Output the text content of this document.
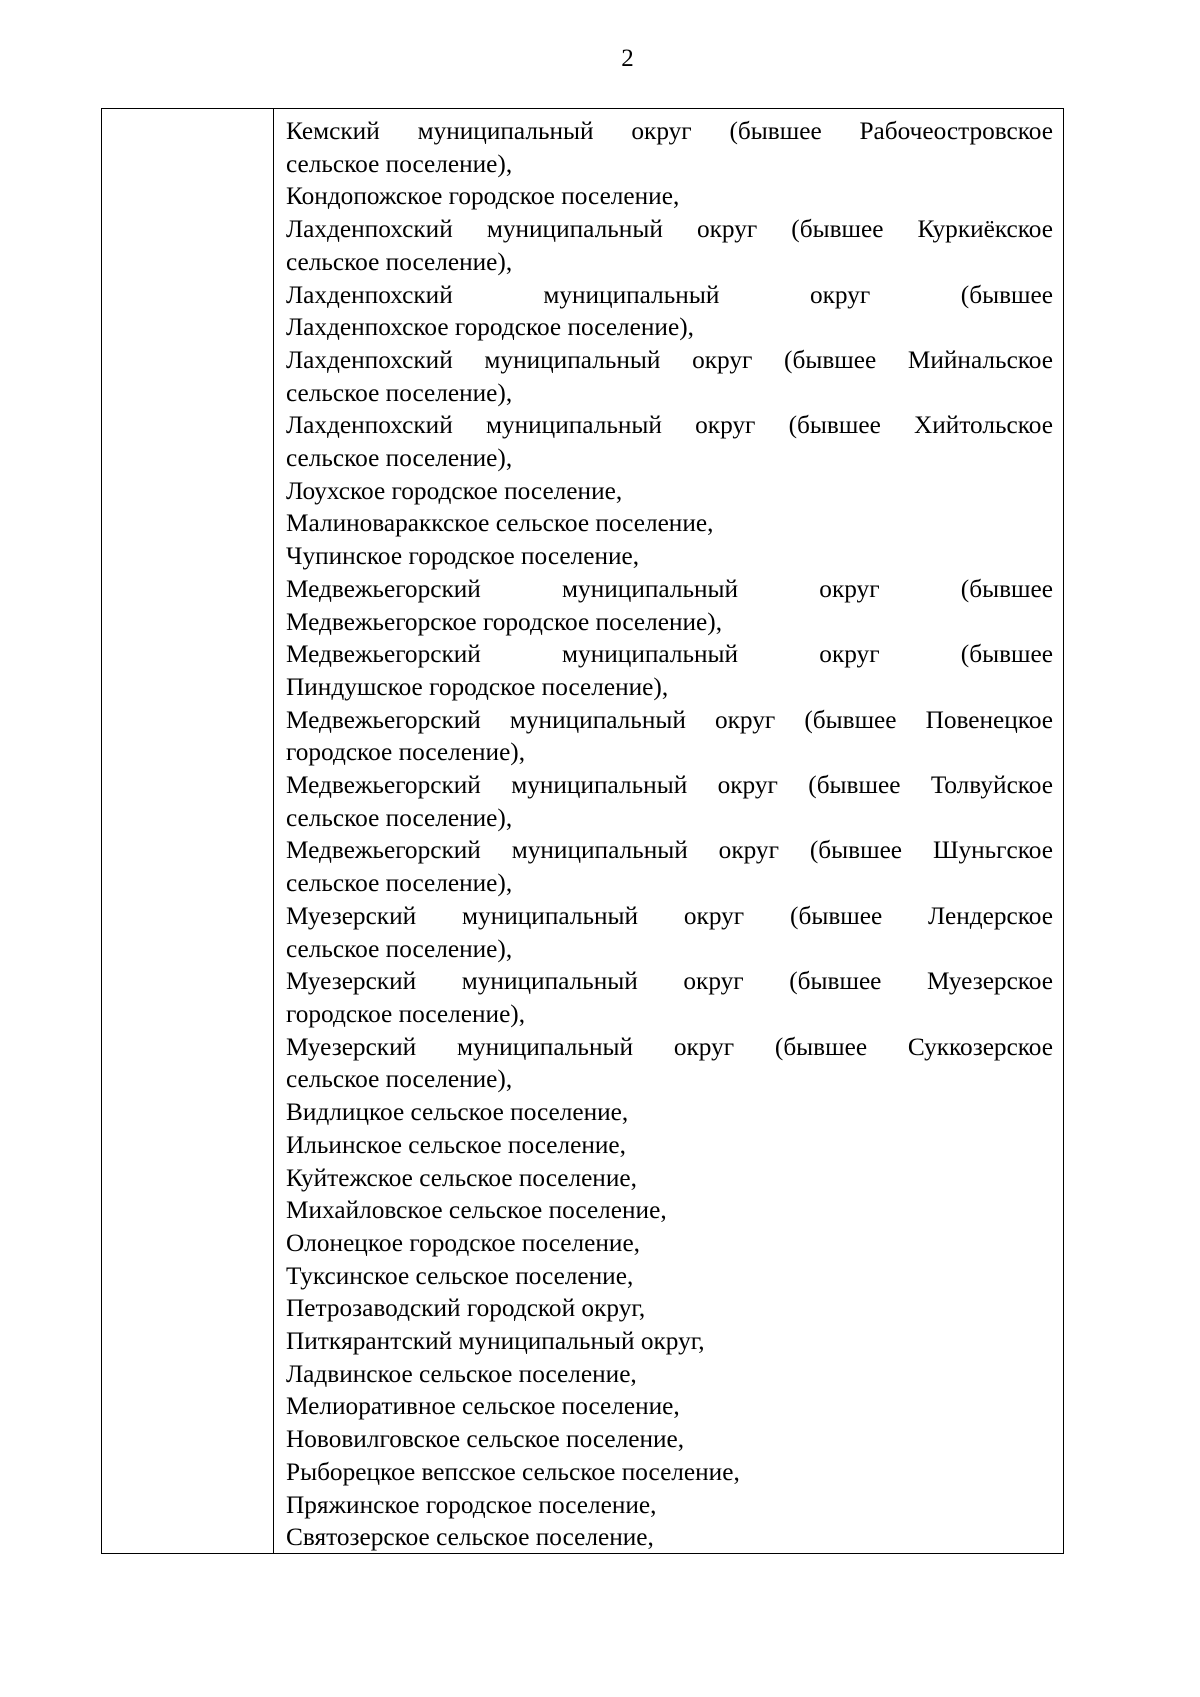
2
Кемский муниципальный округ (бывшее Рабочеостровское
сельское поселение),
Кондопожское городское поселение,
Лахденпохский муниципальный округ (бывшее Куркиёкское
сельское поселение),
Лахденпохский	муниципальный	округ	(бывшее
Лахденпохское городское поселение),
Лахденпохский муниципальный округ (бывшее Мийнальское
сельское поселение),
Лахденпохский муниципальный округ (бывшее Хийтольское
сельское поселение),
Лоухское городское поселение,
Малиновараккское сельское поселение,
Чупинское городское поселение,
Медвежьегорский	муниципальный	округ	(бывшее
Медвежьегорское городское поселение),
Медвежьегорский	муниципальный	округ	(бывшее
Пиндушское городское поселение),
Медвежьегорский муниципальный округ (бывшее Повенецкое
городское поселение),
Медвежьегорский муниципальный округ (бывшее Толвуйское
сельское поселение),
Медвежьегорский муниципальный округ (бывшее Шуньгское
сельское поселение),
Муезерский муниципальный округ (бывшее Лендерское
сельское поселение),
Муезерский муниципальный округ (бывшее Муезерское
городское поселение),
Муезерский муниципальный округ (бывшее Суккозерское
сельское поселение),
Видлицкое сельское поселение,
Ильинское сельское поселение,
Куйтежское сельское поселение,
Михайловское сельское поселение,
Олонецкое городское поселение,
Туксинское сельское поселение,
Петрозаводский городской округ,
Питкярантский муниципальный округ,
Ладвинское сельское поселение,
Мелиоративное сельское поселение,
Нововилговское сельское поселение,
Рыборецкое вепсское сельское поселение,
Пряжинское городское поселение,
Святозерское сельское поселение,
